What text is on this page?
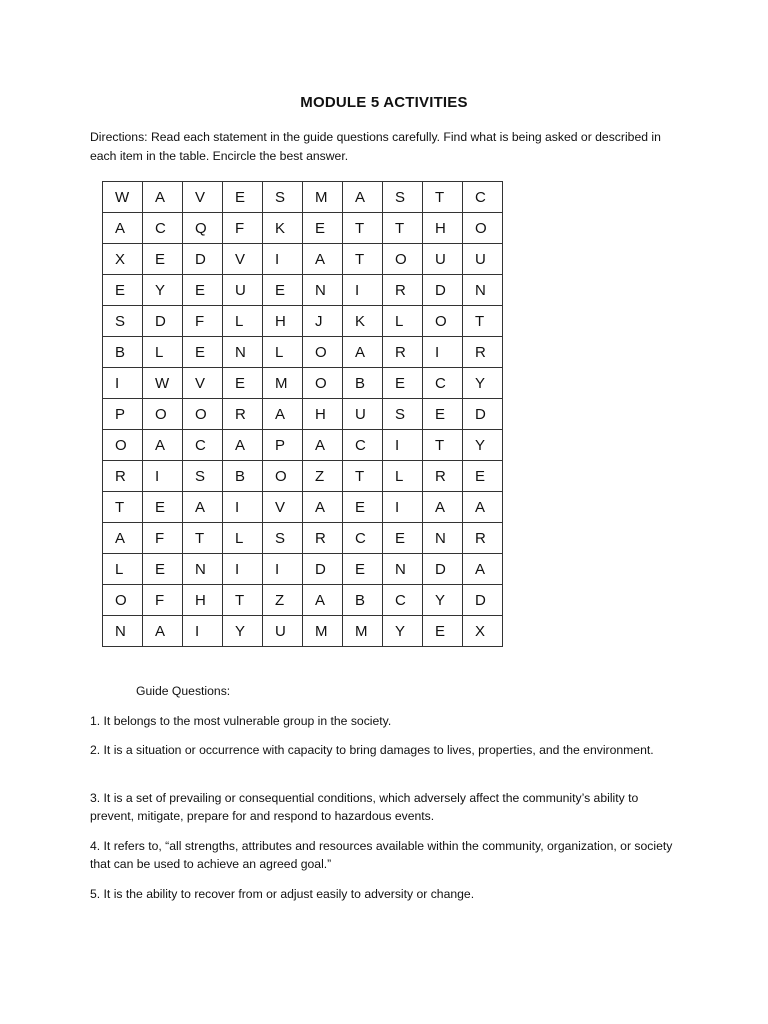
MODULE 5 ACTIVITIES
Directions: Read each statement in the guide questions carefully. Find what is being asked or described in each item in the table. Encircle the best answer.
W	A	V	E	S	M	A	S	T	C
A	C	Q	F	K	E	T	T	H	O
X	E	D	V	I	A	T	O	U	U
E	Y	E	U	E	N	I	R	D	N
S	D	F	L	H	J	K	L	O	T
B	L	E	N	L	O	A	R	I	R
I	W	V	E	M	O	B	E	C	Y
P	O	O	R	A	H	U	S	E	D
O	A	C	A	P	A	C	I	T	Y
R	I	S	B	O	Z	T	L	R	E
T	E	A	I	V	A	E	I	A	A
A	F	T	L	S	R	C	E	N	R
L	E	N	I	I	D	E	N	D	A
O	F	H	T	Z	A	B	C	Y	D
N	A	I	Y	U	M	M	Y	E	X
Guide Questions:
1. It belongs to the most vulnerable group in the society.
2. It is a situation or occurrence with capacity to bring damages to lives, properties, and the environment.
3. It is a set of prevailing or consequential conditions, which adversely affect the community’s ability to prevent, mitigate, prepare for and respond to hazardous events.
4. It refers to, “all strengths, attributes and resources available within the community, organization, or society that can be used to achieve an agreed goal.”
5. It is the ability to recover from or adjust easily to adversity or change.
